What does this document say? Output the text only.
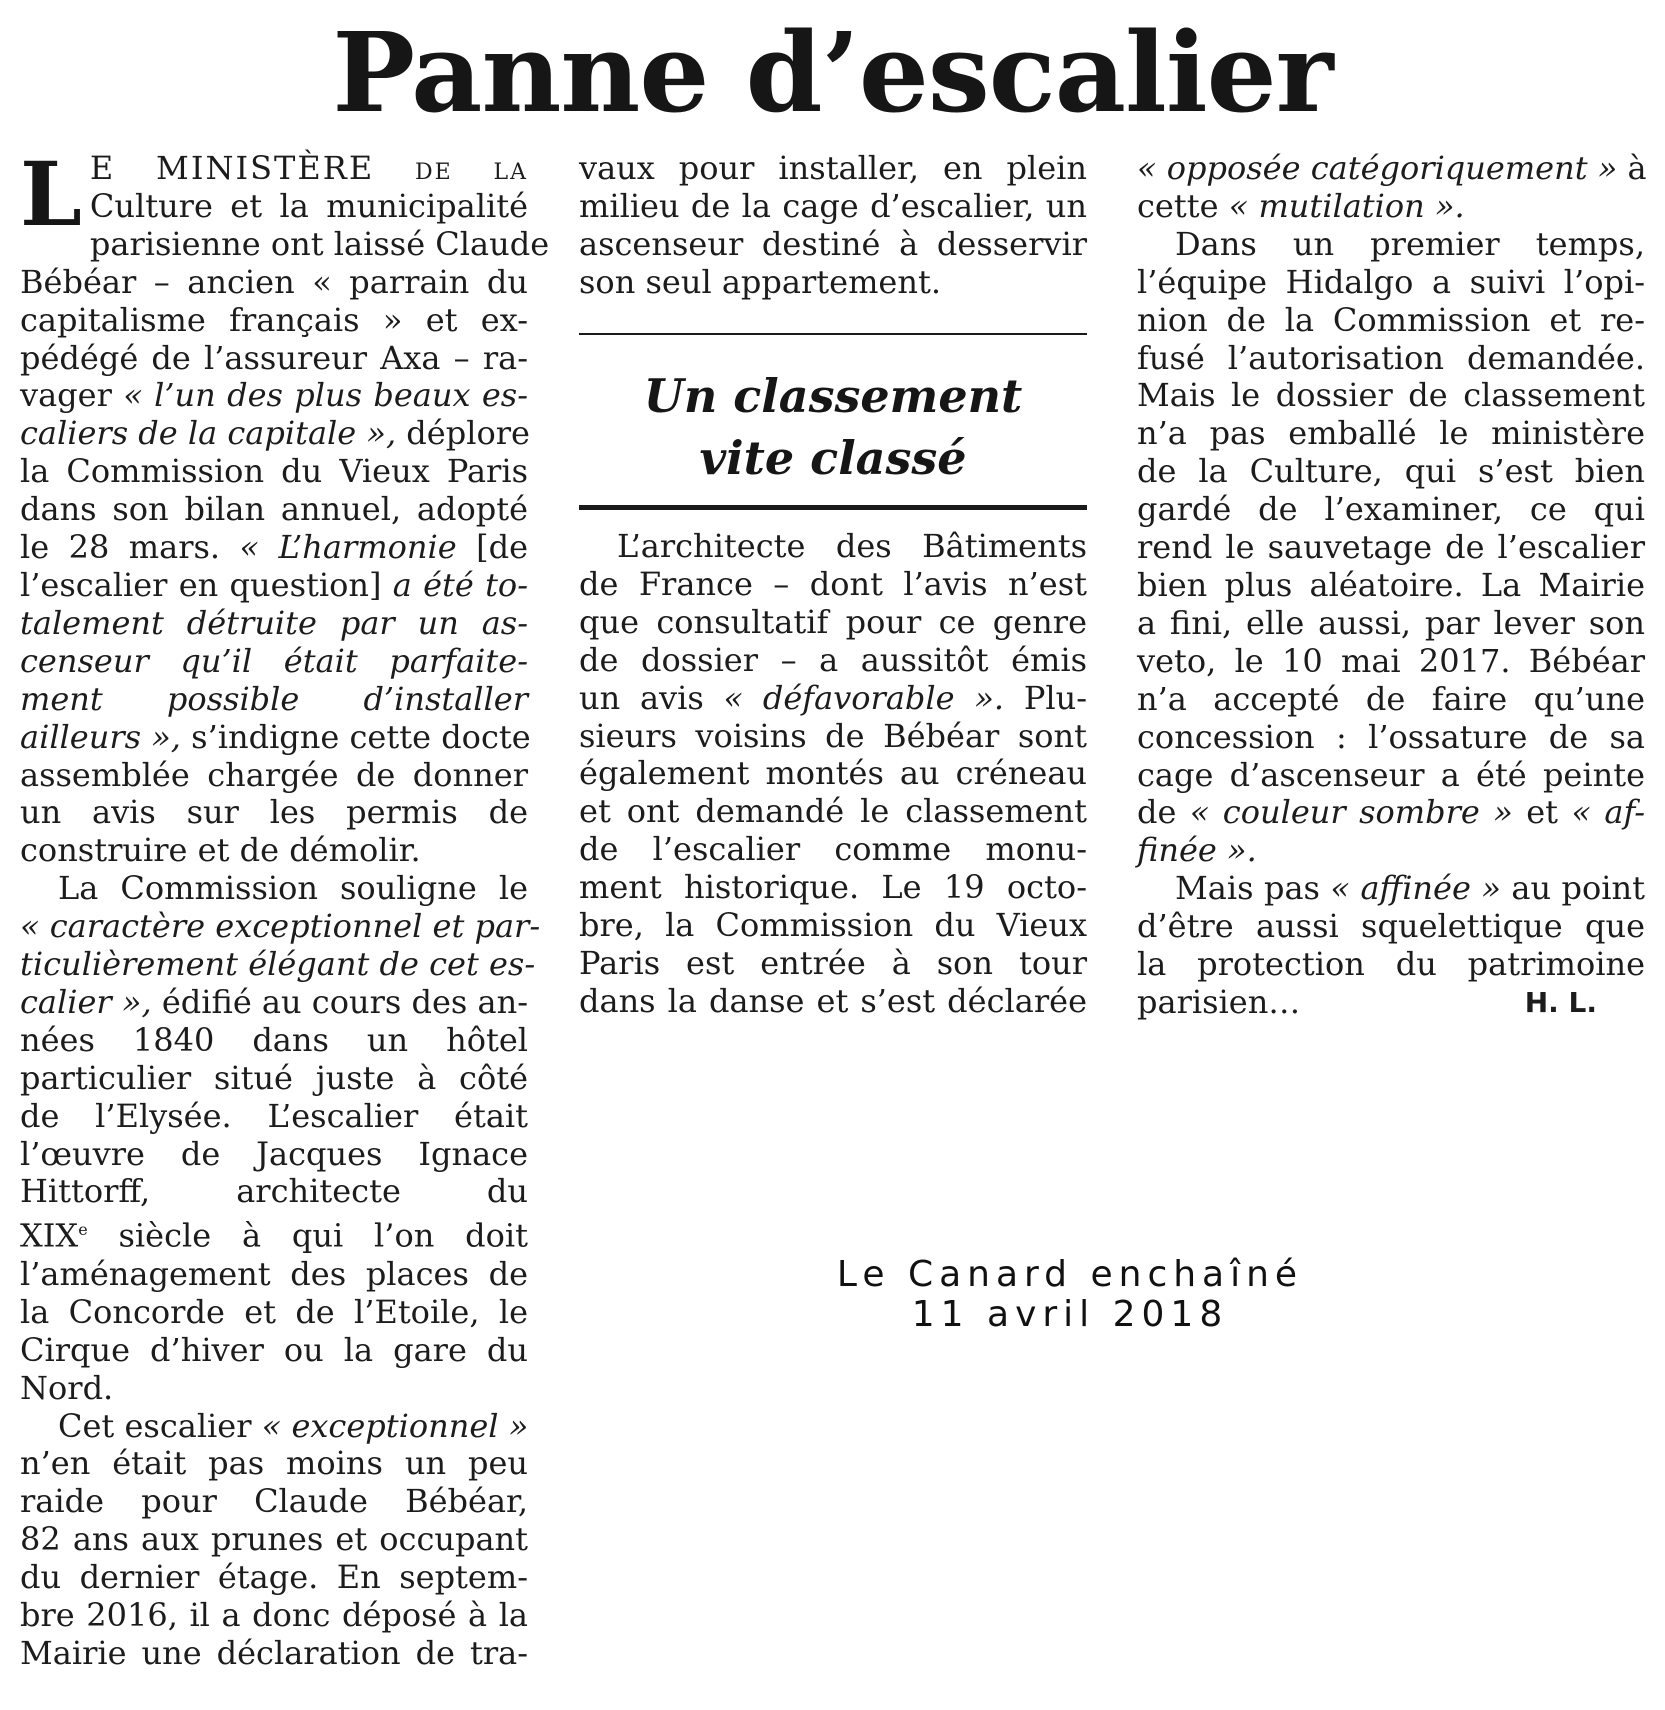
Panne d’escalier

L E MINISTÈRE de la
Culture et la municipalité
parisienne ont laissé Claude
Bébéar – ancien « parrain du
capitalisme français » et ex-
pédégé de l’assureur Axa – ra-
vager « l’un des plus beaux es-
caliers de la capitale », déplore
la Commission du Vieux Paris
dans son bilan annuel, adopté
le 28 mars. « L’harmonie [de
l’escalier en question] a été to-
talement détruite par un as-
censeur qu’il était parfaite-
ment possible d’installer
ailleurs », s’indigne cette docte
assemblée chargée de donner
un avis sur les permis de
construire et de démolir.

La Commission souligne le
« caractère exceptionnel et par-
ticulièrement élégant de cet es-
calier », édifié au cours des an-
nées 1840 dans un hôtel
particulier situé juste à côté
de l’Elysée. L’escalier était
l’œuvre de Jacques Ignace
Hittorff, architecte du
XIXe siècle à qui l’on doit
l’aménagement des places de
la Concorde et de l’Etoile, le
Cirque d’hiver ou la gare du
Nord.

Cet escalier « exceptionnel »
n’en était pas moins un peu
raide pour Claude Bébéar,
82 ans aux prunes et occupant
du dernier étage. En septem-
bre 2016, il a donc déposé à la
Mairie une déclaration de tra-

vaux pour installer, en plein
milieu de la cage d’escalier, un
ascenseur destiné à desservir
son seul appartement.

Un classement
vite classé

L’architecte des Bâtiments
de France – dont l’avis n’est
que consultatif pour ce genre
de dossier – a aussitôt émis
un avis « défavorable ». Plu-
sieurs voisins de Bébéar sont
également montés au créneau
et ont demandé le classement
de l’escalier comme monu-
ment historique. Le 19 octo-
bre, la Commission du Vieux
Paris est entrée à son tour
dans la danse et s’est déclarée

« opposée catégoriquement » à
cette « mutilation ».

Dans un premier temps,
l’équipe Hidalgo a suivi l’opi-
nion de la Commission et re-
fusé l’autorisation demandée.
Mais le dossier de classement
n’a pas emballé le ministère
de la Culture, qui s’est bien
gardé de l’examiner, ce qui
rend le sauvetage de l’escalier
bien plus aléatoire. La Mairie
a fini, elle aussi, par lever son
veto, le 10 mai 2017. Bébéar
n’a accepté de faire qu’une
concession : l’ossature de sa
cage d’ascenseur a été peinte
de « couleur sombre » et « af-
finée ».

Mais pas « affinée » au point
d’être aussi squelettique que
la protection du patrimoine
parisien…	H. L.

Le Canard enchaîné
11 avril 2018
